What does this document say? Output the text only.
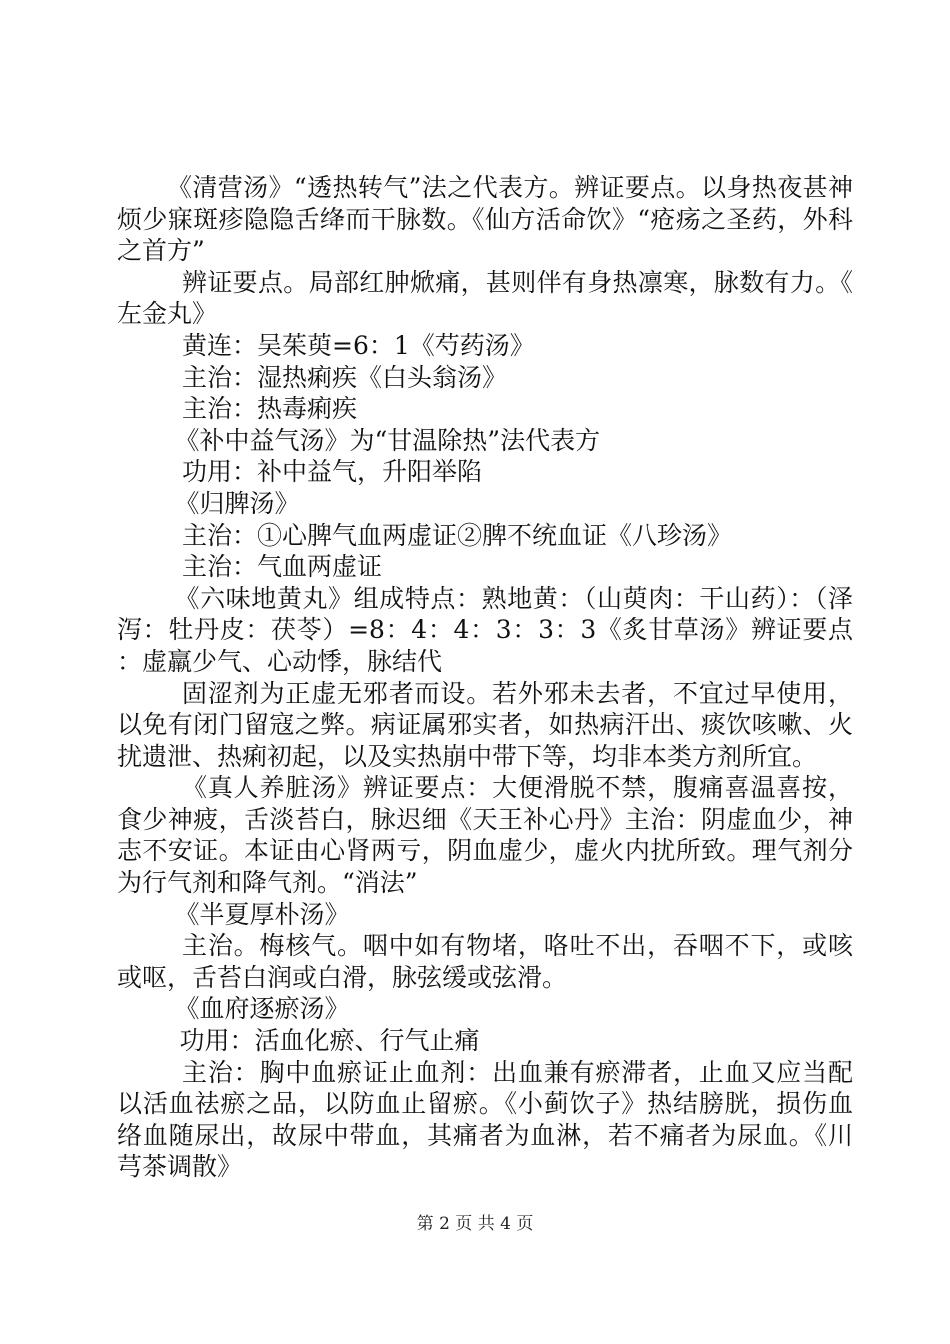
《清营汤》“透热转气”法之代表方。辨证要点。以身热夜甚神烦少寐斑疹隐隐舌绛而干脉数。《仙方活命饮》“疮疡之圣药，外科之首方”

辨证要点。局部红肿焮痛，甚则伴有身热凛寒，脉数有力。《左金丸》

黄连：吴茱萸=6：1《芍药汤》

主治：湿热痢疾《白头翁汤》

主治：热毒痢疾

《补中益气汤》为“甘温除热”法代表方

功用：补中益气，升阳举陷

《归脾汤》

主治：①心脾气血两虚证②脾不统血证《八珍汤》

主治：气血两虚证

《六味地黄丸》组成特点：熟地黄：（山萸肉：干山药）：（泽泻：牡丹皮：茯苓）=8：4：4：3：3：3《炙甘草汤》辨证要点：虚羸少气、心动悸，脉结代

固涩剂为正虚无邪者而设。若外邪未去者，不宜过早使用，以免有闭门留寇之弊。病证属邪实者，如热病汗出、痰饮咳嗽、火扰遗泄、热痢初起，以及实热崩中带下等，均非本类方剂所宜。

《真人养脏汤》辨证要点：大便滑脱不禁，腹痛喜温喜按，食少神疲，舌淡苔白，脉迟细《天王补心丹》主治：阴虚血少，神志不安证。本证由心肾两亏，阴血虚少，虚火内扰所致。理气剂分为行气剂和降气剂。“消法”

《半夏厚朴汤》

主治。梅核气。咽中如有物堵，咯吐不出，吞咽不下，或咳或呕，舌苔白润或白滑，脉弦缓或弦滑。

《血府逐瘀汤》

功用：活血化瘀、行气止痛

主治：胸中血瘀证止血剂：出血兼有瘀滞者，止血又应当配以活血祛瘀之品，以防血止留瘀。《小蓟饮子》热结膀胱，损伤血络血随尿出，故尿中带血，其痛者为血淋，若不痛者为尿血。《川芎茶调散》

第 2 页 共 4 页
